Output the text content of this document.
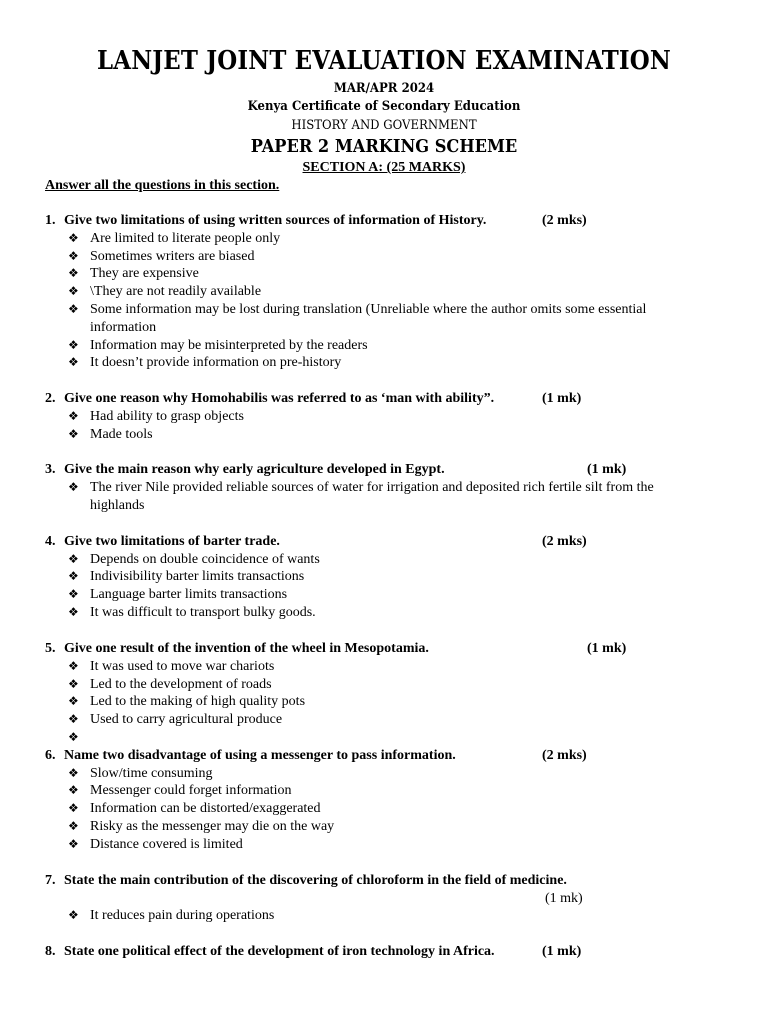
LANJET JOINT EVALUATION EXAMINATION
MAR/APR 2024
Kenya Certificate of Secondary Education
HISTORY AND GOVERNMENT
PAPER 2 MARKING SCHEME
SECTION A: (25 MARKS)
Answer all the questions in this section.
1. Give two limitations of using written sources of information of History.	(2 mks)
❖ Are limited to literate people only
❖ Sometimes writers are biased
❖ They are expensive
❖ \They are not readily available
❖ Some information may be lost during translation (Unreliable where the author omits some essential
information
❖ Information may be misinterpreted by the readers
❖ It doesn’t provide information on pre-history
2. Give one reason why Homohabilis was referred to as ‘man with ability”.	(1 mk)
❖ Had ability to grasp objects
❖ Made tools
3. Give the main reason why early agriculture developed in Egypt.	(1 mk)
❖ The river Nile provided reliable sources of water for irrigation and deposited rich fertile silt from the
highlands
4. Give two limitations of barter trade.	(2 mks)
❖ Depends on double coincidence of wants
❖ Indivisibility barter limits transactions
❖ Language barter limits transactions
❖ It was difficult to transport bulky goods.
5. Give one result of the invention of the wheel in Mesopotamia.	(1 mk)
❖ It was used to move war chariots
❖ Led to the development of roads
❖ Led to the making of high quality pots
❖ Used to carry agricultural produce
❖
6. Name two disadvantage of using a messenger to pass information.	(2 mks)
❖ Slow/time consuming
❖ Messenger could forget information
❖ Information can be distorted/exaggerated
❖ Risky as the messenger may die on the way
❖ Distance covered is limited
7. State the main contribution of the discovering of chloroform in the field of medicine.
(1 mk)
❖ It reduces pain during operations
8. State one political effect of the development of iron technology in Africa.	(1 mk)
